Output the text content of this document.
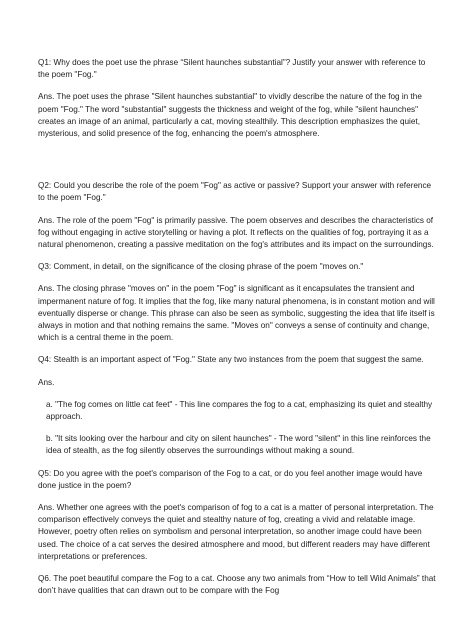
Q1: Why does the poet use the phrase “Silent haunches substantial”? Justify your answer with reference to the poem "Fog."

Ans. The poet uses the phrase "Silent haunches substantial" to vividly describe the nature of the fog in the poem "Fog." The word "substantial" suggests the thickness and weight of the fog, while "silent haunches" creates an image of an animal, particularly a cat, moving stealthily. This description emphasizes the quiet, mysterious, and solid presence of the fog, enhancing the poem's atmosphere.

Q2: Could you describe the role of the poem "Fog" as active or passive? Support your answer with reference to the poem "Fog."

Ans. The role of the poem "Fog" is primarily passive. The poem observes and describes the characteristics of fog without engaging in active storytelling or having a plot. It reflects on the qualities of fog, portraying it as a natural phenomenon, creating a passive meditation on the fog's attributes and its impact on the surroundings.

Q3: Comment, in detail, on the significance of the closing phrase of the poem "moves on."

Ans. The closing phrase "moves on" in the poem "Fog" is significant as it encapsulates the transient and impermanent nature of fog. It implies that the fog, like many natural phenomena, is in constant motion and will eventually disperse or change. This phrase can also be seen as symbolic, suggesting the idea that life itself is always in motion and that nothing remains the same. "Moves on" conveys a sense of continuity and change, which is a central theme in the poem.

Q4: Stealth is an important aspect of "Fog." State any two instances from the poem that suggest the same.

Ans.

a. "The fog comes on little cat feet" - This line compares the fog to a cat, emphasizing its quiet and stealthy approach.

b. "It sits looking over the harbour and city on silent haunches" - The word "silent" in this line reinforces the idea of stealth, as the fog silently observes the surroundings without making a sound.

Q5: Do you agree with the poet's comparison of the Fog to a cat, or do you feel another image would have done justice in the poem?

Ans. Whether one agrees with the poet's comparison of fog to a cat is a matter of personal interpretation. The comparison effectively conveys the quiet and stealthy nature of fog, creating a vivid and relatable image. However, poetry often relies on symbolism and personal interpretation, so another image could have been used. The choice of a cat serves the desired atmosphere and mood, but different readers may have different interpretations or preferences.

Q6. The poet beautiful compare the Fog to a cat. Choose any two animals from “How to tell Wild Animals” that don’t have qualities that can drawn out to be compare with the Fog
